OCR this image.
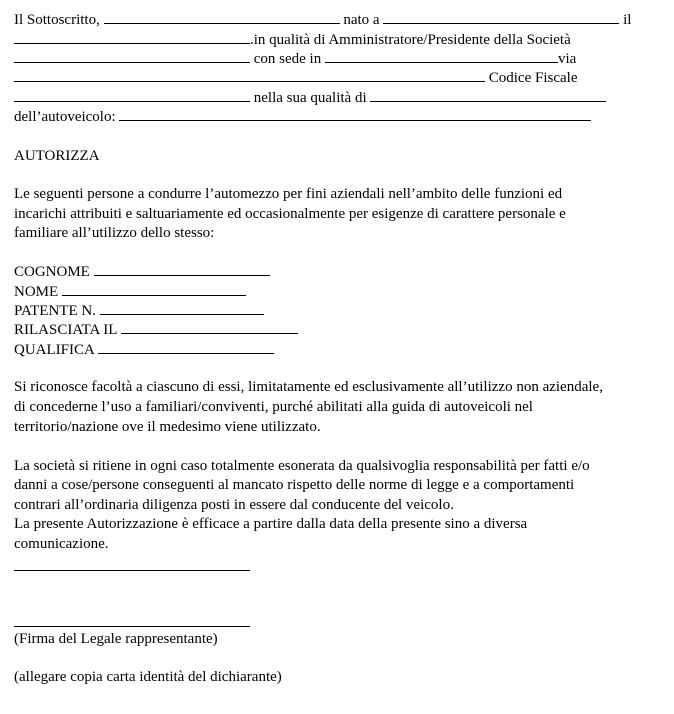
Il Sottoscritto,	nato a	il
.in qualità di Amministratore/Presidente della Società
con sede in	via
Codice Fiscale
nella sua qualità di
dell’autoveicolo:
AUTORIZZA
Le seguenti persone a condurre l’automezzo per fini aziendali nell’ambito delle funzioni ed
incarichi attribuiti e saltuariamente ed occasionalmente per esigenze di carattere personale e
familiare all’utilizzo dello stesso:
COGNOME
NOME
PATENTE N.
RILASCIATA IL
QUALIFICA
Si riconosce facoltà a ciascuno di essi, limitatamente ed esclusivamente all’utilizzo non aziendale,
di concederne l’uso a familiari/conviventi, purché abilitati alla guida di autoveicoli nel
territorio/nazione ove il medesimo viene utilizzato.
La società si ritiene in ogni caso totalmente esonerata da qualsivoglia responsabilità per fatti e/o
danni a cose/persone conseguenti al mancato rispetto delle norme di legge e a comportamenti
contrari all’ordinaria diligenza posti in essere dal conducente del veicolo.
La presente Autorizzazione è efficace a partire dalla data della presente sino a diversa
comunicazione.
(Firma del Legale rappresentante)
(allegare copia carta identità del dichiarante)
